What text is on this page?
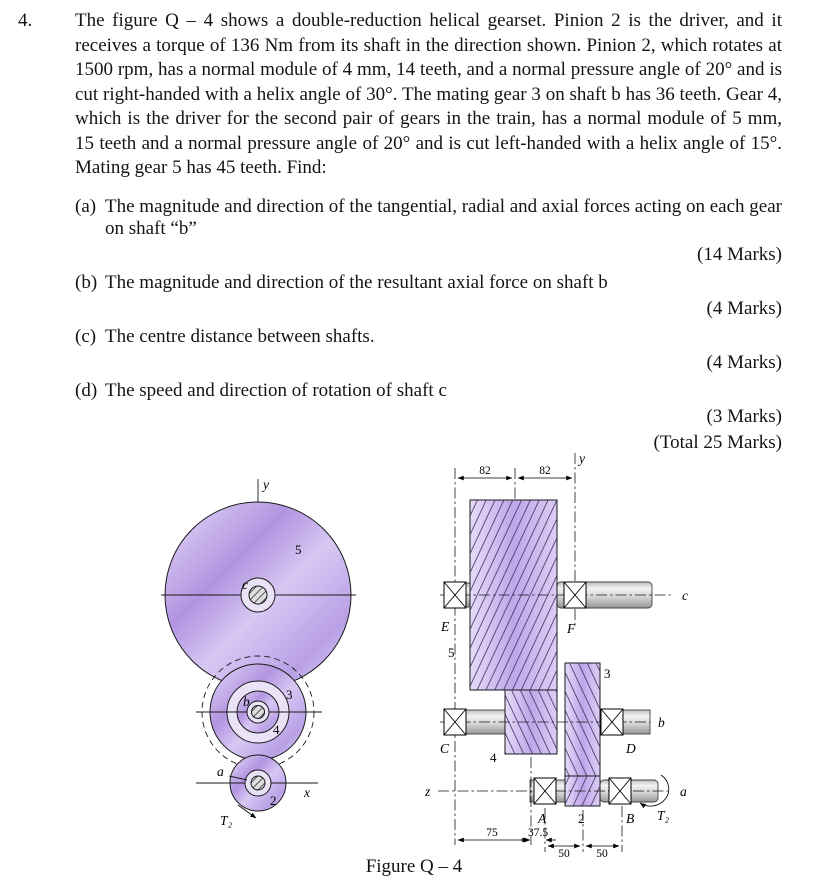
4.	The figure Q – 4 shows a double-reduction helical gearset. Pinion 2 is the driver, and it receives a torque of 136 Nm from its shaft in the direction shown. Pinion 2, which rotates at 1500 rpm, has a normal module of 4 mm, 14 teeth, and a normal pressure angle of 20° and is cut right-handed with a helix angle of 30°. The mating gear 3 on shaft b has 36 teeth. Gear 4, which is the driver for the second pair of gears in the train, has a normal module of 5 mm, 15 teeth and a normal pressure angle of 20° and is cut left-handed with a helix angle of 15°. Mating gear 5 has 45 teeth. Find:

(a) The magnitude and direction of the tangential, radial and axial forces acting on each gear on shaft “b”
(14 Marks)
(b) The magnitude and direction of the resultant axial force on shaft b
(4 Marks)
(c) The centre distance between shafts.
(4 Marks)
(d) The speed and direction of rotation of shaft c
(3 Marks)
(Total 25 Marks)
y
c
5
b	3
4
a
2
x
T₂
y
82	82
E	F
5
c
C	D
3
4
b
z
A 2	B
a
T₂
75	37.5
50 50
Figure Q – 4
